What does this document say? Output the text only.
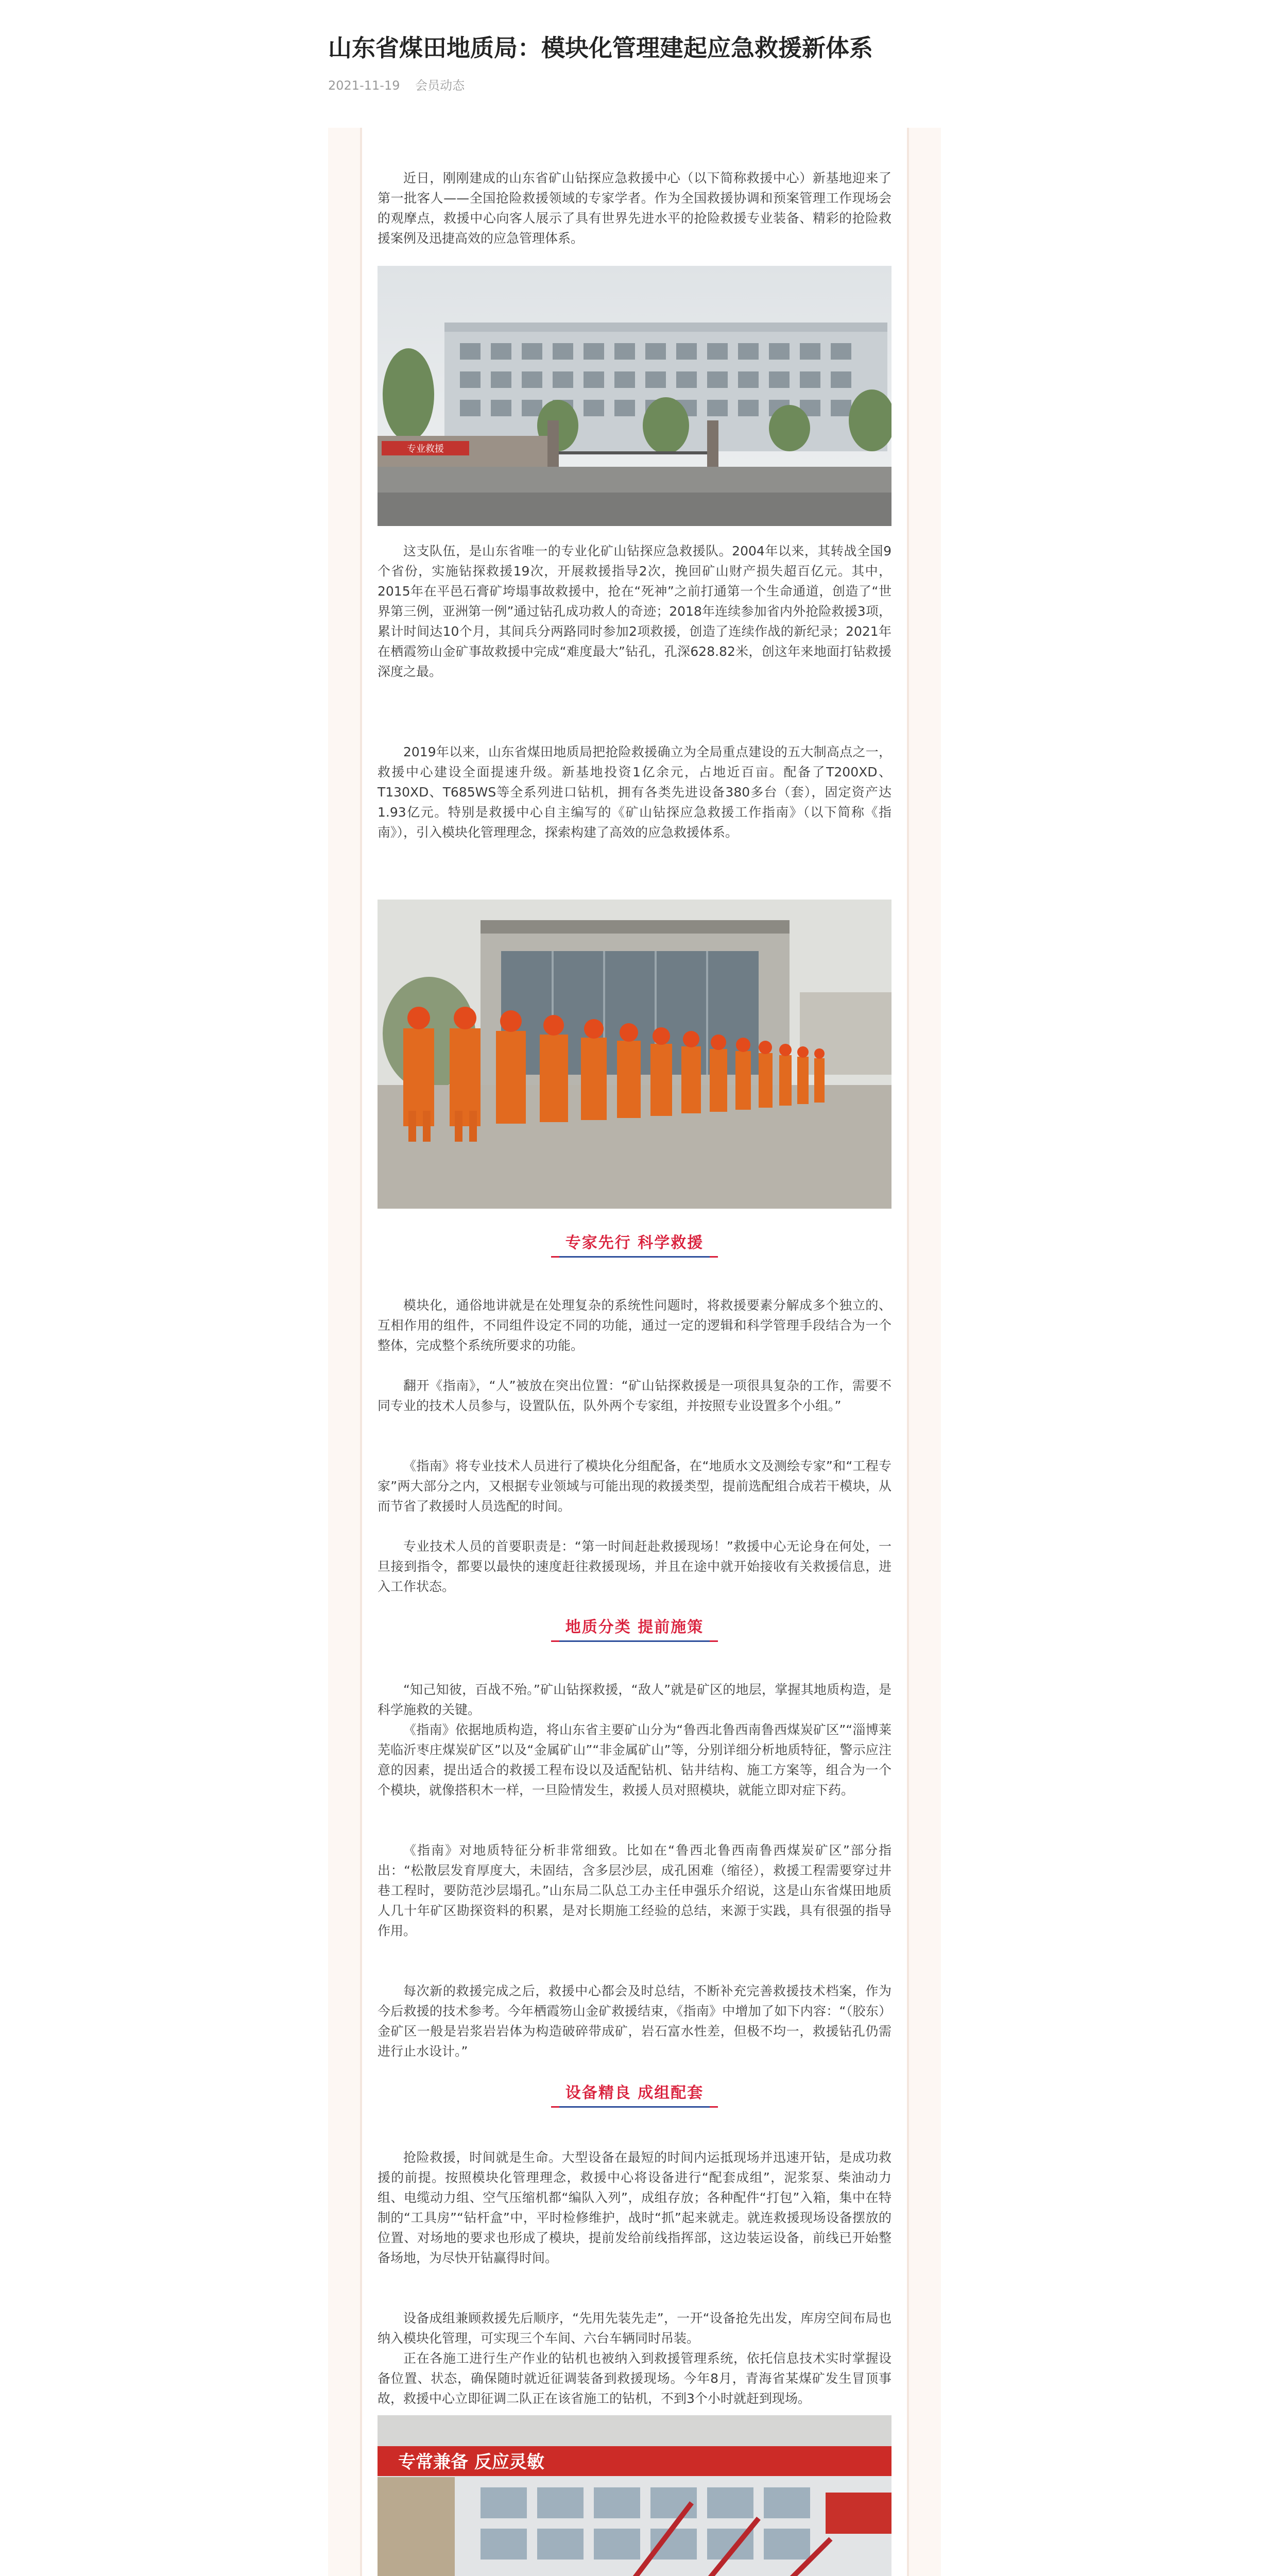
山东省煤田地质局：模块化管理建起应急救援新体系
2021-11-19 会员动态

近日，刚刚建成的山东省矿山钻探应急救援中心（以下简称救援中心）新基地迎来了第一批客人——全国抢险救援领域的专家学者。作为全国救援协调和预案管理工作现场会的观摩点，救援中心向客人展示了具有世界先进水平的抢险救援专业装备、精彩的抢险救援案例及迅捷高效的应急管理体系。

专业救援

这支队伍，是山东省唯一的专业化矿山钻探应急救援队。2004年以来，其转战全国9个省份，实施钻探救援19次，开展救援指导2次，挽回矿山财产损失超百亿元。其中，2015年在平邑石膏矿垮塌事故救援中，抢在“死神”之前打通第一个生命通道，创造了“世界第三例，亚洲第一例”通过钻孔成功救人的奇迹；2018年连续参加省内外抢险救援3项，累计时间达10个月，其间兵分两路同时参加2项救援，创造了连续作战的新纪录；2021年在栖霞笏山金矿事故救援中完成“难度最大”钻孔，孔深628.82米，创这年来地面打钻救援深度之最。

2019年以来，山东省煤田地质局把抢险救援确立为全局重点建设的五大制高点之一，救援中心建设全面提速升级。新基地投资1亿余元，占地近百亩。配备了T200XD、T130XD、T685WS等全系列进口钻机，拥有各类先进设备380多台（套），固定资产达1.93亿元。特别是救援中心自主编写的《矿山钻探应急救援工作指南》（以下简称《指南》），引入模块化管理理念，探索构建了高效的应急救援体系。

专家先行 科学救援

模块化，通俗地讲就是在处理复杂的系统性问题时，将救援要素分解成多个独立的、互相作用的组件，不同组件设定不同的功能，通过一定的逻辑和科学管理手段结合为一个整体，完成整个系统所要求的功能。

翻开《指南》，“人”被放在突出位置：“矿山钻探救援是一项很具复杂的工作，需要不同专业的技术人员参与，设置队伍，队外两个专家组，并按照专业设置多个小组。”

《指南》将专业技术人员进行了模块化分组配备，在“地质水文及测绘专家”和“工程专家”两大部分之内，又根据专业领域与可能出现的救援类型，提前选配组合成若干模块，从而节省了救援时人员选配的时间。

专业技术人员的首要职责是：“第一时间赶赴救援现场！”救援中心无论身在何处，一旦接到指令，都要以最快的速度赶往救援现场，并且在途中就开始接收有关救援信息，进入工作状态。

地质分类 提前施策

“知己知彼，百战不殆。”矿山钻探救援，“敌人”就是矿区的地层，掌握其地质构造，是科学施救的关键。

《指南》依据地质构造，将山东省主要矿山分为“鲁西北鲁西南鲁西煤炭矿区”“淄博莱芜临沂枣庄煤炭矿区”以及“金属矿山”“非金属矿山”等，分别详细分析地质特征，警示应注意的因素，提出适合的救援工程布设以及适配钻机、钻井结构、施工方案等，组合为一个个模块，就像搭积木一样，一旦险情发生，救援人员对照模块，就能立即对症下药。

《指南》对地质特征分析非常细致。比如在“鲁西北鲁西南鲁西煤炭矿区”部分指出：“松散层发育厚度大，未固结，含多层沙层，成孔困难（缩径），救援工程需要穿过井巷工程时，要防范沙层塌孔。”山东局二队总工办主任申强乐介绍说，这是山东省煤田地质人几十年矿区勘探资料的积累，是对长期施工经验的总结，来源于实践，具有很强的指导作用。

每次新的救援完成之后，救援中心都会及时总结，不断补充完善救援技术档案，作为今后救援的技术参考。今年栖霞笏山金矿救援结束，《指南》中增加了如下内容：“（胶东）金矿区一般是岩浆岩岩体为构造破碎带成矿，岩石富水性差，但极不均一，救援钻孔仍需进行止水设计。”

设备精良 成组配套

抢险救援，时间就是生命。大型设备在最短的时间内运抵现场并迅速开钻，是成功救援的前提。按照模块化管理理念，救援中心将设备进行“配套成组”，泥浆泵、柴油动力组、电缆动力组、空气压缩机都“编队入列”，成组存放；各种配件“打包”入箱，集中在特制的“工具房”“钻杆盒”中，平时检修维护，战时“抓”起来就走。就连救援现场设备摆放的位置、对场地的要求也形成了模块，提前发给前线指挥部，这边装运设备，前线已开始整备场地，为尽快开钻赢得时间。

设备成组兼顾救援先后顺序，“先用先装先走”，一开“设备抢先出发，库房空间布局也纳入模块化管理，可实现三个车间、六台车辆同时吊装。

正在各施工进行生产作业的钻机也被纳入到救援管理系统，依托信息技术实时掌握设备位置、状态，确保随时就近征调装备到救援现场。今年8月，青海省某煤矿发生冒顶事故，救援中心立即征调二队正在该省施工的钻机，不到3个小时就赶到现场。

专常兼备 反应灵敏
